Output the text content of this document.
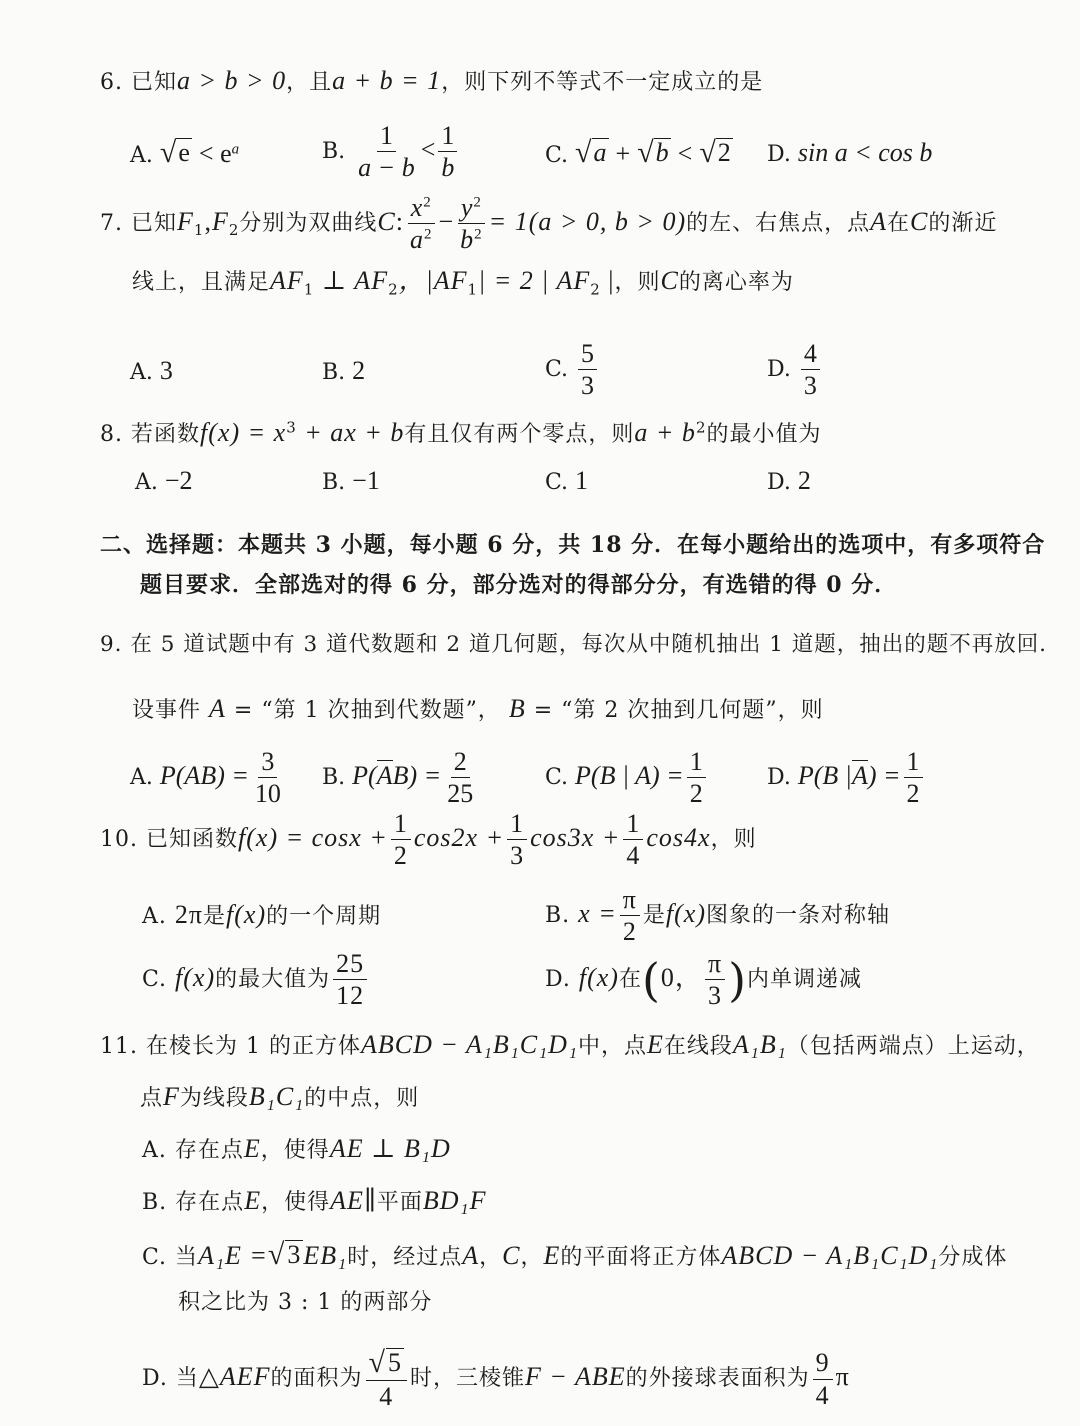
6. 已知a > b > 0，且a + b = 1，则下列不等式不一定成立的是
A. √ $e < e^a$	B. $\frac{1}{a - b} < \frac{1}{b}$	C. √ a + √ b < √ 2 D. sin a < cos b
7. 已知$F_1,F_2$分别为双曲线C: $\frac{x^2}{a^2} - \frac{y^2}{b^2} = 1(a > 0$, b > 0)的左、右焦点，点A在C的渐近
线上，且满足$AF_1$ ⊥ $AF_2$，$|AF_1| = 2$ | $AF_2$ |，则C的离心率为
A. 3	B. 2	C. $\frac{5}{3}$	D. $\frac{4}{3}$
8. 若函数$f(x) = x^3$ + ax + b有且仅有两个零点，则$a + b^2$的最小值为
A. −2	B. −1	C. 1	D. 2
二、选择题：本题共 3 小题，每小题 6 分，共 18 分．在每小题给出的选项中，有多项符合
题目要求．全部选对的得 6 分，部分选对的得部分分，有选错的得 0 分．
9. 在 5 道试题中有 3 道代数题和 2 道几何题，每次从中随机抽出 1 道题，抽出的题不再放回．
设事件 A = “第 1 次抽到代数题”， B = “第 2 次抽到几何题”，则
A. $P(AB) = \frac{3}{10} B$. $P(AB) = \frac{2}{25}$	C. P(B | $A) = \frac{1}{2}$	D. P(B $|A) = \frac{1}{2}$
10. 已知函数$f(x) = \cos x + \frac{1}{2} \cos 2x + \frac{1}{3} \cos 3x + \frac{1}{4} \cos 4x$，则
A. 2π是f(x)的一个周期	B. $x = \frac{\pi}{2}$ 是f(x)图象的一条对称轴
C. f(x)的最大值为 $\frac{25}{12}$	D. f(x)在(0， $\frac{\pi}{3}$ )内单调递减
11. 在棱长为 1 的正方体ABCD − A₁B₁C₁D₁中，点E在线段A₁B₁（包括两端点）上运动，
点F为线段B₁C₁的中点，则
A. 存在点E，使得AE ⊥ B₁D
B. 存在点E，使得AE∥平面BD₁F
C. 当A₁E = √ 3 EB₁时，经过点A，C，E的平面将正方体ABCD − A₁B₁C₁D₁分成体
积之比为 3 : 1 的两部分
D. 当△AEF的面积为 $\frac{√ 5}{4}$ 时，三棱锥F − ABE的外接球表面积为 $\frac{9}{4}$ π
